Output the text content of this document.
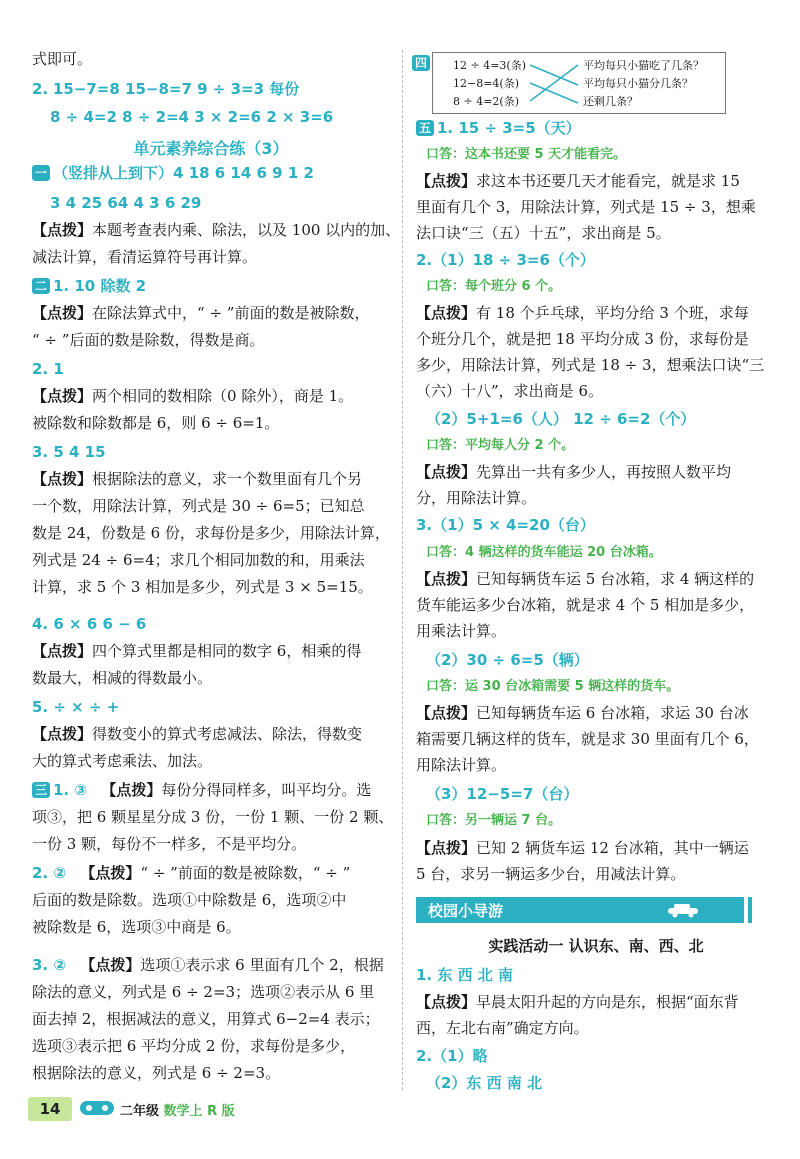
式即可。
2. 15−7=8 15−8=7 9 ÷ 3=3 每份
8 ÷ 4=2 8 ÷ 2=4 3 × 2=6 2 × 3=6
单元素养综合练（3）
一 （竖排从上到下）4 18 6 14 6 9 1 2
3 4 25 64 4 3 6 29
【点拨】本题考查表内乘、除法，以及 100 以内的加、
减法计算，看清运算符号再计算。
二 1. 10 除数 2
【点拨】在除法算式中，“ ÷ ”前面的数是被除数，
“ ÷ ”后面的数是除数，得数是商。
2. 1
【点拨】两个相同的数相除（0 除外），商是 1。
被除数和除数都是 6，则 6 ÷ 6=1。
3. 5 4 15
【点拨】根据除法的意义，求一个数里面有几个另
一个数，用除法计算，列式是 30 ÷ 6=5；已知总
数是 24，份数是 6 份，求每份是多少，用除法计算，
列式是 24 ÷ 6=4；求几个相同加数的和，用乘法
计算，求 5 个 3 相加是多少，列式是 3 × 5=15。
4. 6 × 6 6 − 6
【点拨】四个算式里都是相同的数字 6，相乘的得
数最大，相减的得数最小。
5. ÷ × ÷ +
【点拨】得数变小的算式考虑减法、除法，得数变
大的算式考虑乘法、加法。
三 1. ③ 【点拨】每份分得同样多，叫平均分。选
项③，把 6 颗星星分成 3 份，一份 1 颗、一份 2 颗、
一份 3 颗，每份不一样多，不是平均分。
2. ② 【点拨】“ ÷ ”前面的数是被除数，“ ÷ ”
后面的数是除数。选项①中除数是 6，选项②中
被除数是 6，选项③中商是 6。
3. ② 【点拨】选项①表示求 6 里面有几个 2，根据
除法的意义，列式是 6 ÷ 2=3；选项②表示从 6 里
面去掉 2，根据减法的意义，用算式 6−2=4 表示；
选项③表示把 6 平均分成 2 份，求每份是多少，
根据除法的意义，列式是 6 ÷ 2=3。
四 12 ÷ 4=3(条)
12−8=4(条)
8 ÷ 4=2(条)
平均每只小猫吃了几条？
平均每只小猫分几条？
还剩几条？
五 1. 15 ÷ 3=5（天）
口答：这本书还要 5 天才能看完。
【点拨】求这本书还要几天才能看完，就是求 15
里面有几个 3，用除法计算，列式是 15 ÷ 3，想乘
法口诀“三（五）十五”，求出商是 5。
2.（1）18 ÷ 3=6（个）
口答：每个班分 6 个。
【点拨】有 18 个乒乓球，平均分给 3 个班，求每
个班分几个，就是把 18 平均分成 3 份，求每份是
多少，用除法计算，列式是 18 ÷ 3，想乘法口诀“三
（六）十八”，求出商是 6。
（2）5+1=6（人） 12 ÷ 6=2（个）
口答：平均每人分 2 个。
【点拨】先算出一共有多少人，再按照人数平均
分，用除法计算。
3.（1）5 × 4=20（台）
口答：4 辆这样的货车能运 20 台冰箱。
【点拨】已知每辆货车运 5 台冰箱，求 4 辆这样的
货车能运多少台冰箱，就是求 4 个 5 相加是多少，
用乘法计算。
（2）30 ÷ 6=5（辆）
口答：运 30 台冰箱需要 5 辆这样的货车。
【点拨】已知每辆货车运 6 台冰箱，求运 30 台冰
箱需要几辆这样的货车，就是求 30 里面有几个 6，
用除法计算。
（3）12−5=7（台）
口答：另一辆运 7 台。
【点拨】已知 2 辆货车运 12 台冰箱，其中一辆运
5 台，求另一辆运多少台，用减法计算。
校园小导游
实践活动一 认识东、南、西、北
1. 东 西 北 南
【点拨】早晨太阳升起的方向是东，根据“面东背
西，左北右南”确定方向。
2.（1）略
（2）东 西 南 北
14	二年级 数学上 R 版
